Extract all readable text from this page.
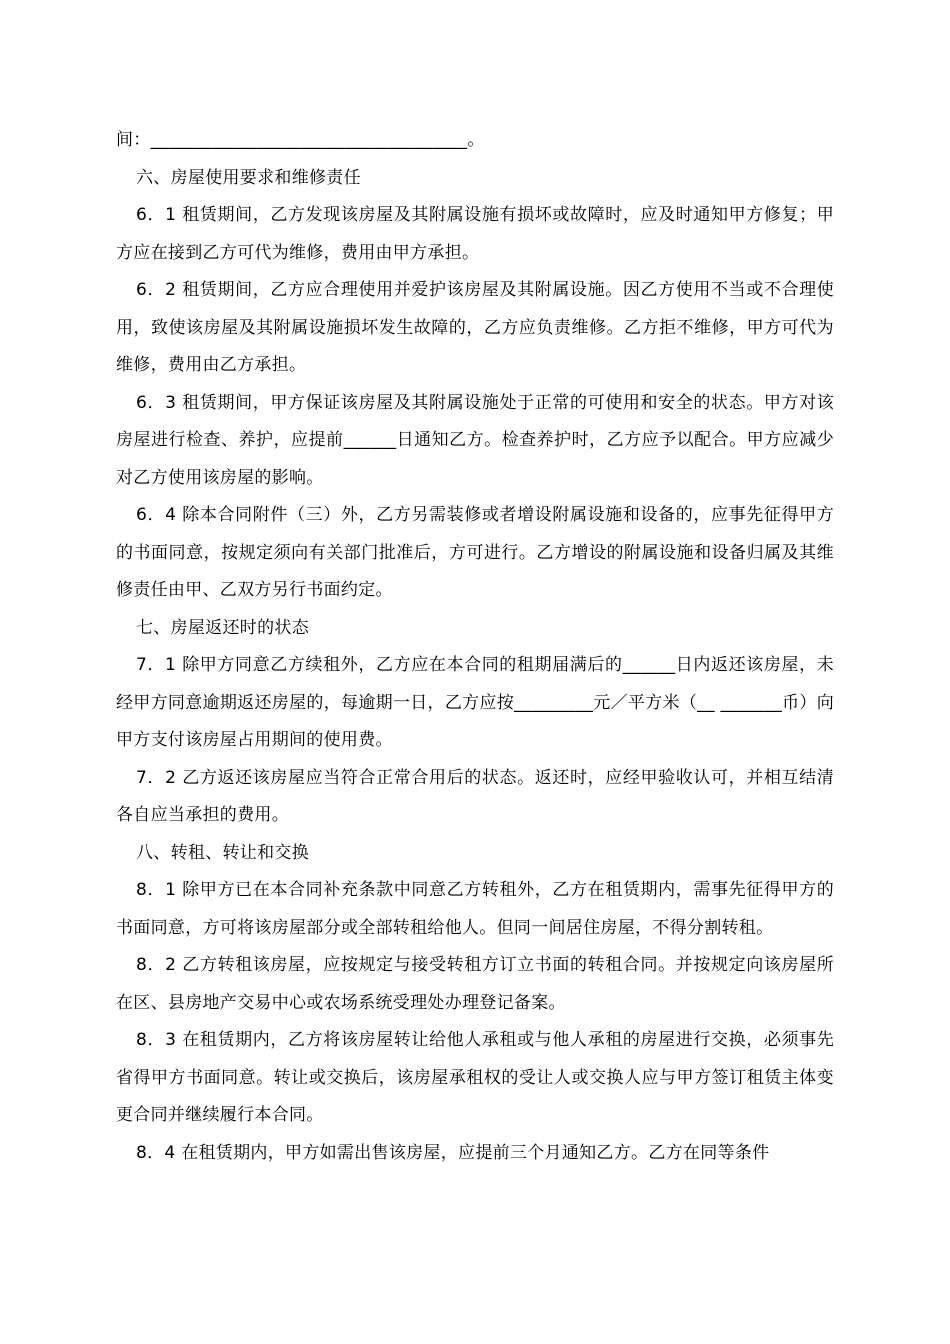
间：____________________________________。

六、房屋使用要求和维修责任

6．1 租赁期间，乙方发现该房屋及其附属设施有损坏或故障时，应及时通知甲方修复；甲方应在接到乙方可代为维修，费用由甲方承担。

6．2 租赁期间，乙方应合理使用并爱护该房屋及其附属设施。因乙方使用不当或不合理使用，致使该房屋及其附属设施损坏发生故障的，乙方应负责维修。乙方拒不维修，甲方可代为维修，费用由乙方承担。

6．3 租赁期间，甲方保证该房屋及其附属设施处于正常的可使用和安全的状态。甲方对该房屋进行检查、养护，应提前______日通知乙方。检查养护时，乙方应予以配合。甲方应减少对乙方使用该房屋的影响。

6．4 除本合同附件（三）外，乙方另需装修或者增设附属设施和设备的，应事先征得甲方的书面同意，按规定须向有关部门批准后，方可进行。乙方增设的附属设施和设备归属及其维修责任由甲、乙双方另行书面约定。

七、房屋返还时的状态

7．1 除甲方同意乙方续租外，乙方应在本合同的租期届满后的______日内返还该房屋，未经甲方同意逾期返还房屋的，每逾期一日，乙方应按_________元／平方米（__ _______币）向甲方支付该房屋占用期间的使用费。

7．2 乙方返还该房屋应当符合正常合用后的状态。返还时，应经甲验收认可，并相互结清各自应当承担的费用。

八、转租、转让和交换

8．1 除甲方已在本合同补充条款中同意乙方转租外，乙方在租赁期内，需事先征得甲方的书面同意，方可将该房屋部分或全部转租给他人。但同一间居住房屋，不得分割转租。

8．2 乙方转租该房屋，应按规定与接受转租方订立书面的转租合同。并按规定向该房屋所在区、县房地产交易中心或农场系统受理处办理登记备案。

8．3 在租赁期内，乙方将该房屋转让给他人承租或与他人承租的房屋进行交换，必须事先省得甲方书面同意。转让或交换后，该房屋承租权的受让人或交换人应与甲方签订租赁主体变更合同并继续履行本合同。

8．4 在租赁期内，甲方如需出售该房屋，应提前三个月通知乙方。乙方在同等条件
